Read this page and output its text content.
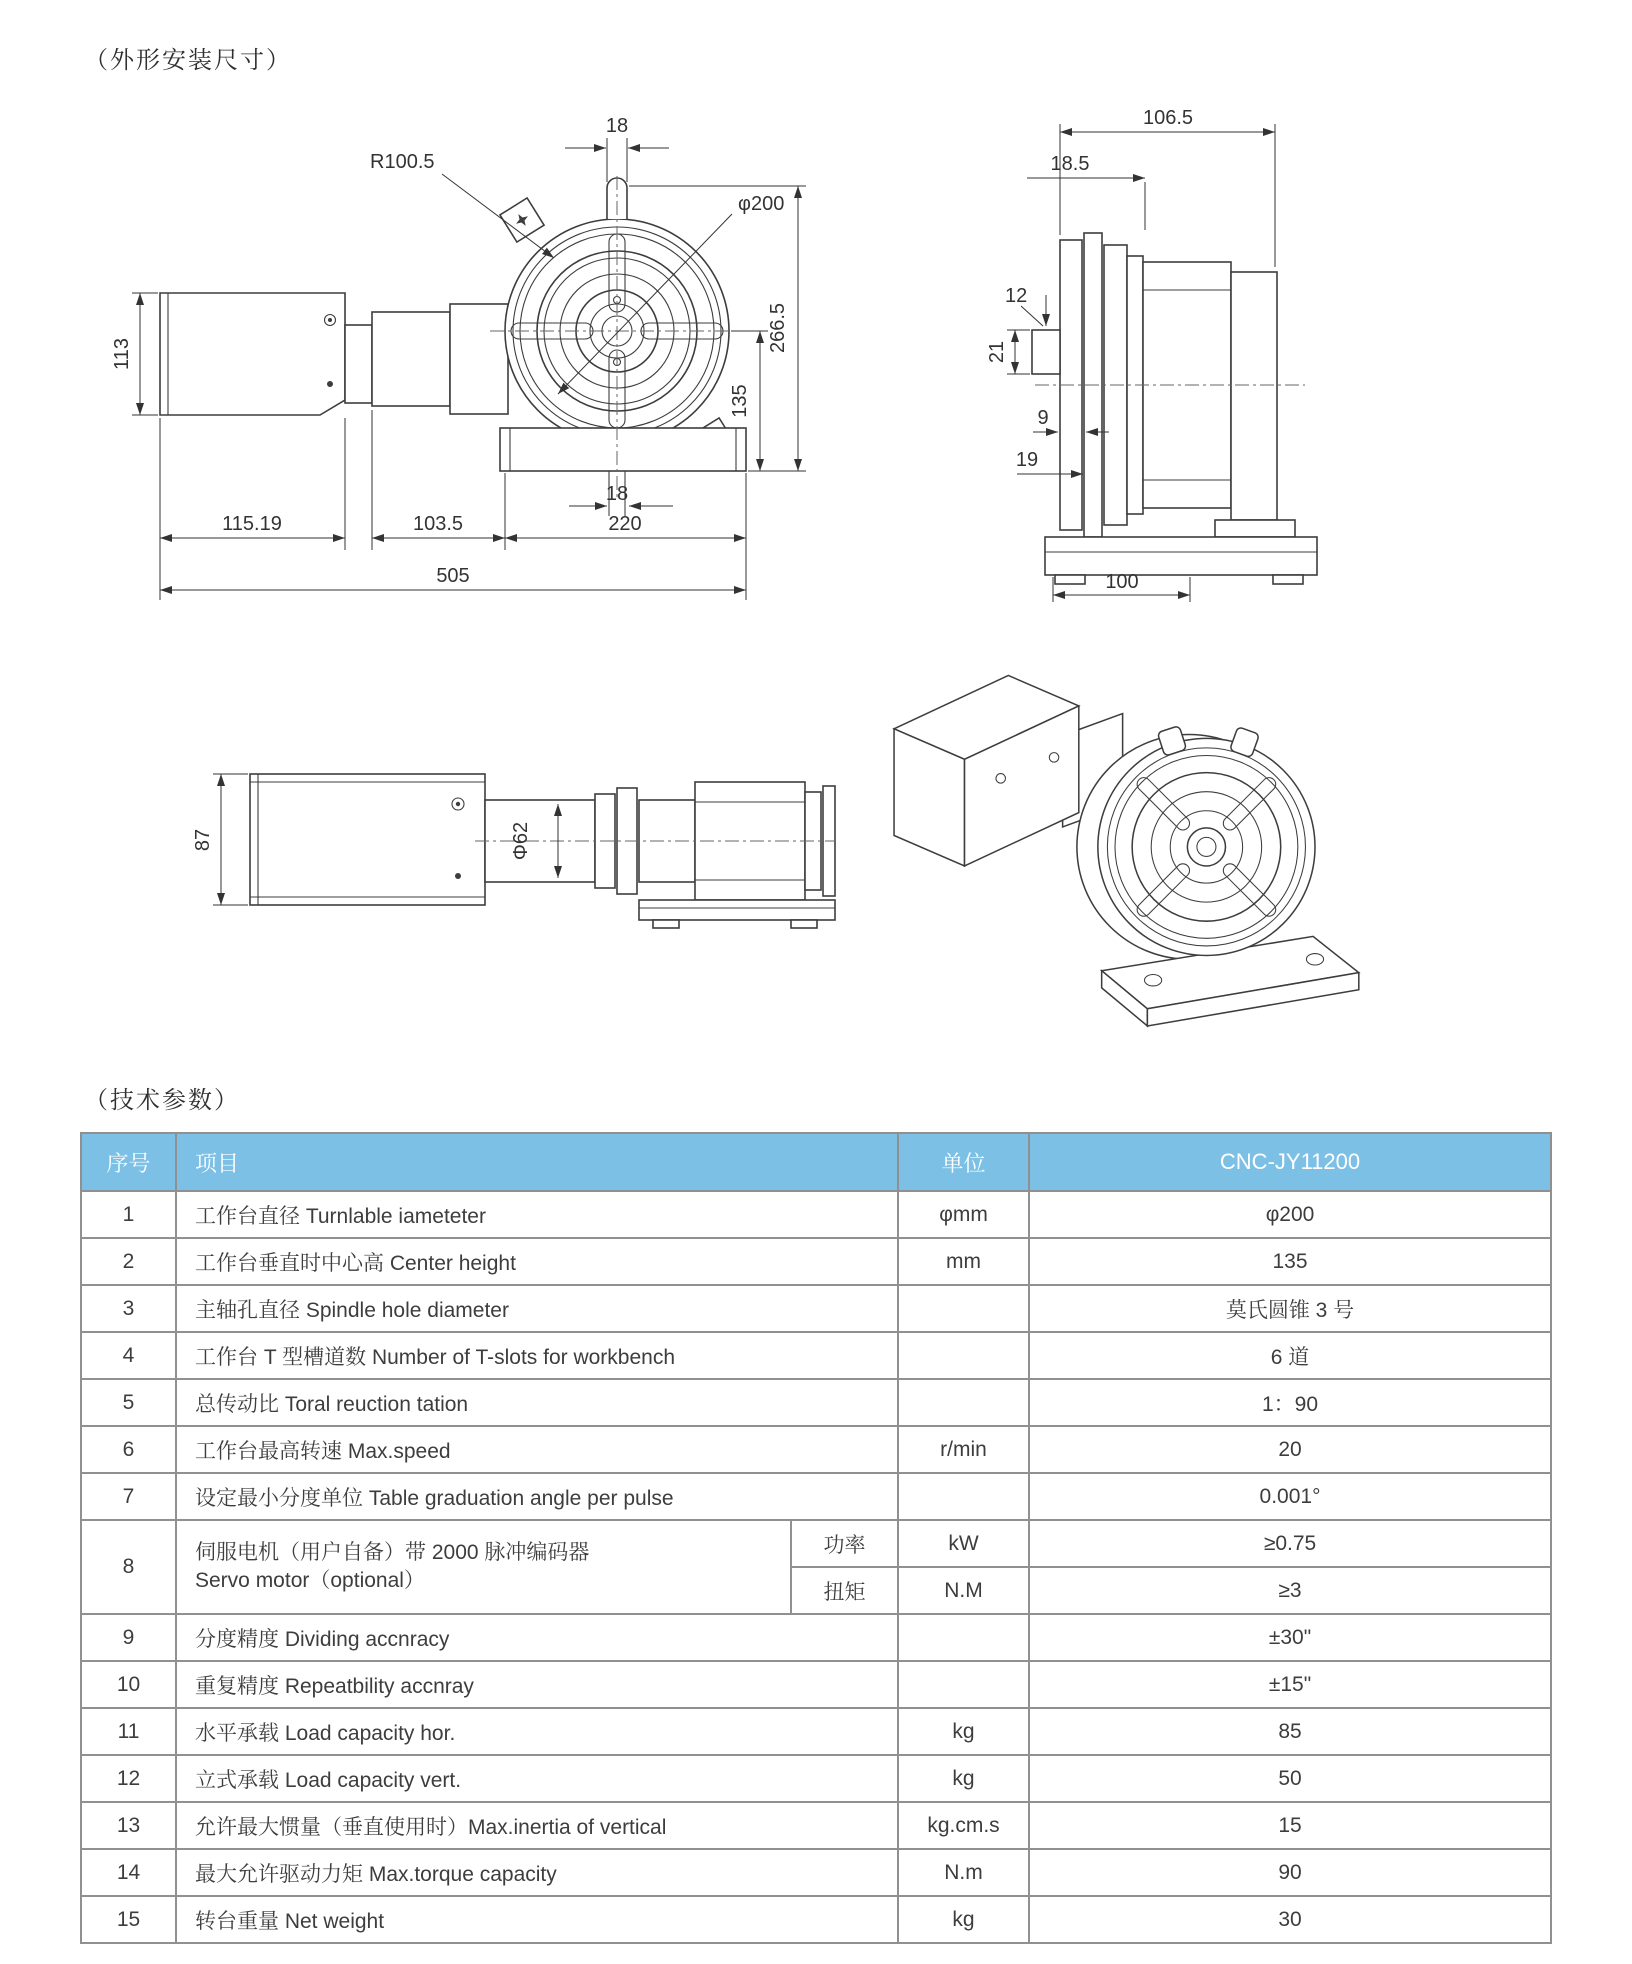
（外形安装尺寸）
18
R100.5
φ200
266.5
135
18
113
115.19	103.5	220
505
106.5
18.5
12
21
9
19
100
87	Φ62
（技术参数）
序号	项目		单位	CNC-JY11200
1	工作台直径 Turnlable iameteter		φmm	φ200
2	工作台垂直时中心高 Center height		mm	135
3	主轴孔直径 Spindle hole diameter			莫氏圆锥 3 号
4	工作台 T 型槽道数 Number of T-slots for workbench			6 道
5	总传动比 Toral reuction tation			1：90
6	工作台最高转速 Max.speed		r/min	20
7	设定最小分度单位 Table graduation angle per pulse			0.001°
8	伺服电机（用户自备）带 2000 脉冲编码器
Servo motor（optional）	功率	kW	≥0.75
		扭矩	N.M	≥3
9	分度精度 Dividing accnracy			±30"
10	重复精度 Repeatbility accnray			±15"
11	水平承载 Load capacity hor.		kg	85
12	立式承载 Load capacity vert.		kg	50
13	允许最大惯量（垂直使用时）Max.inertia of vertical		kg.cm.s	15
14	最大允许驱动力矩 Max.torque capacity		N.m	90
15	转台重量 Net weight		kg	30
